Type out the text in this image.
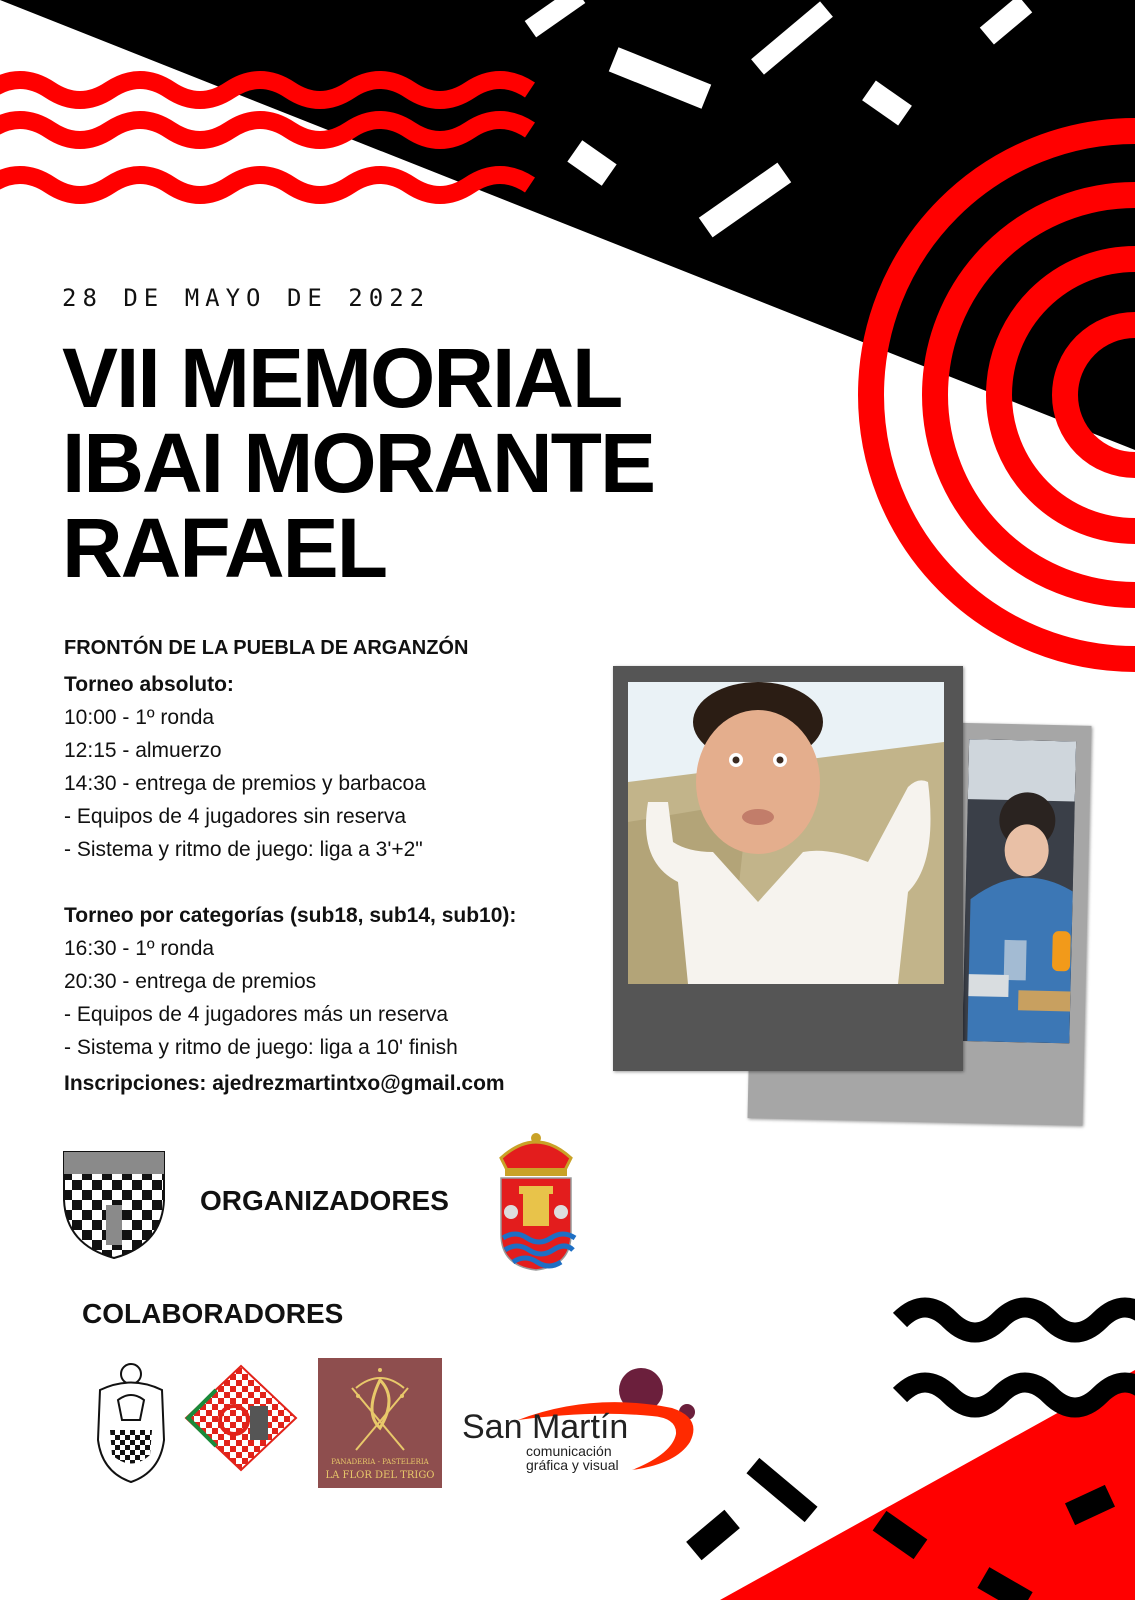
28 DE MAYO DE 2022
VII MEMORIAL
IBAI MORANTE
RAFAEL
FRONTÓN DE LA PUEBLA DE ARGANZÓN
Torneo absoluto:
10:00 - 1º ronda
12:15 - almuerzo
14:30 - entrega de premios y barbacoa
- Equipos de 4 jugadores sin reserva
- Sistema y ritmo de juego: liga a 3'+2"
Torneo por categorías (sub18, sub14, sub10):
16:30 - 1º ronda
20:30 - entrega de premios
- Equipos de 4 jugadores más un reserva
- Sistema y ritmo de juego: liga a 10' finish
Inscripciones: ajedrezmartintxo@gmail.com
ORGANIZADORES
COLABORADORES
PANADERIA - PASTELERIA
LA FLOR DEL TRIGO
San Martín
comunicación
gráfica y visual
